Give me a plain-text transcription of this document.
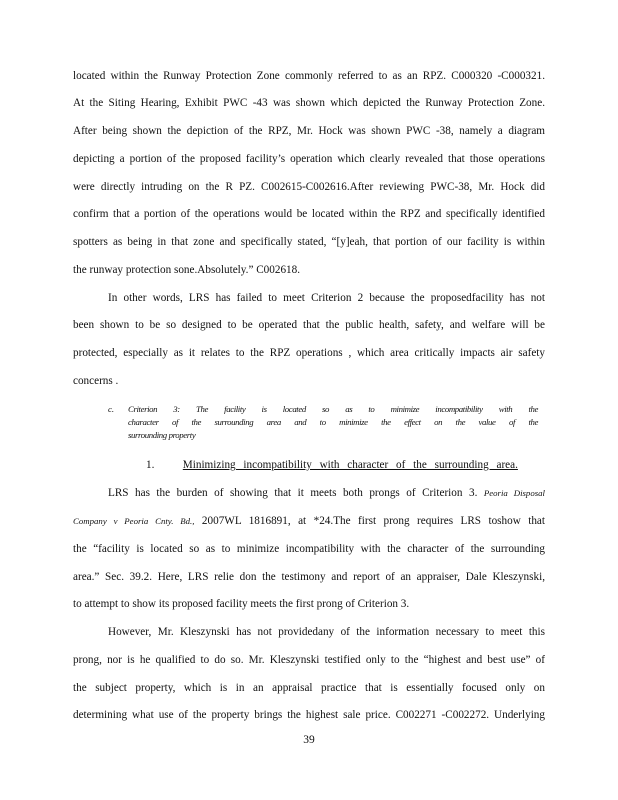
located within the Runway Protection Zone commonly referred to as an RPZ. C000320 -C000321.
At the Siting Hearing, Exhibit PWC -43 was shown which depicted the Runway Protection Zone.
After being shown the depiction of the RPZ, Mr. Hock was shown PWC -38, namely a diagram
depicting a portion of the proposed facility’s operation which clearly revealed that those operations
were directly intruding on the R PZ. C002615-C002616.After reviewing PWC-38, Mr. Hock did
confirm that a portion of the operations would be located within the RPZ and specifically identified
spotters as being in that zone and specifically stated, “[y]eah, that portion of our facility is within
the runway protection sone.Absolutely.” C002618.
In other words, LRS has failed to meet Criterion 2 because the proposedfacility has not
been shown to be so designed to be operated that the public health, safety, and welfare will be
protected, especially as it relates to the RPZ operations , which area critically impacts air safety
concerns .
c. Criterion 3: The facility is located so as to minimize incompatibility with the
character of the surrounding area and to minimize the effect on the value of the
surrounding property
1.	Minimizing incompatibility with character of the surrounding area.
LRS has the burden of showing that it meets both prongs of Criterion 3. Peoria Disposal
Company v Peoria Cnty. Bd., 2007WL 1816891, at *24.The first prong requires LRS toshow that
the “facility is located so as to minimize incompatibility with the character of the surrounding
area.” Sec. 39.2. Here, LRS relie don the testimony and report of an appraiser, Dale Kleszynski,
to attempt to show its proposed facility meets the first prong of Criterion 3.
However, Mr. Kleszynski has not providedany of the information necessary to meet this
prong, nor is he qualified to do so. Mr. Kleszynski testified only to the “highest and best use” of
the subject property, which is in an appraisal practice that is essentially focused only on
determining what use of the property brings the highest sale price. C002271 -C002272. Underlying
39
